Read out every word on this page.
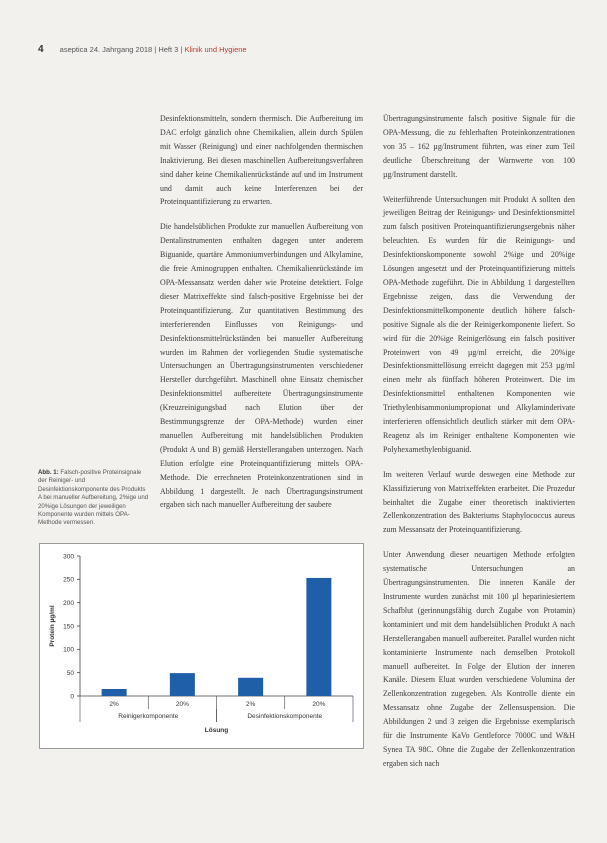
4 aseptica 24. Jahrgang 2018 | Heft 3 | Klinik und Hygiene

Desinfektionsmitteln, sondern thermisch. Die Aufbereitung im DAC erfolgt gänzlich ohne Chemikalien, allein durch Spülen mit Wasser (Reinigung) und einer nachfolgenden thermischen Inaktivierung. Bei diesen maschinellen Aufbereitungsverfahren sind daher keine Chemikalienrückstände auf und im Instrument und damit auch keine Interferenzen bei der Proteinquantifizierung zu erwarten.

Die handelsüblichen Produkte zur manuellen Aufbereitung von Dentalinstrumenten enthalten dagegen unter anderem Biguanide, quartäre Ammoniumverbindungen und Alkylamine, die freie Aminogruppen enthalten. Chemikalienrückstände im OPA-Messansatz werden daher wie Proteine detektiert. Folge dieser Matrixeffekte sind falsch-positive Ergebnisse bei der Proteinquantifizierung. Zur quantitativen Bestimmung des interferierenden Einflusses von Reinigungs- und Desinfektionsmittelrückständen bei manueller Aufbereitung wurden im Rahmen der vorliegenden Studie systematische Untersuchungen an Übertragungsinstrumenten verschiedener Hersteller durchgeführt. Maschinell ohne Einsatz chemischer Desinfektionsmittel aufbereitete Übertragungsinstrumente (Kreuzreinigungsbad nach Elution über der Bestimmungsgrenze der OPA-Methode) wurden einer manuellen Aufbereitung mit handelsüblichen Produkten (Produkt A und B) gemäß Herstellerangaben unterzogen. Nach Elution erfolgte eine Proteinquantifizierung mittels OPA-Methode. Die errechneten Proteinkonzentrationen sind in Abbildung 1 dargestellt. Je nach Übertragungsinstrument ergaben sich nach manueller Aufbereitung der saubere

Übertragungsinstrumente falsch positive Signale für die OPA-Messung, die zu fehlerhaften Proteinkonzentrationen von 35 – 162 µg/Instrument führten, was einer zum Teil deutliche Überschreitung der Warnwerte von 100 µg/Instrument darstellt.

Weiterführende Untersuchungen mit Produkt A sollten den jeweiligen Beitrag der Reinigungs- und Desinfektionsmittel zum falsch positiven Proteinquantifizierungsergebnis näher beleuchten. Es wurden für die Reinigungs- und Desinfektionskomponente sowohl 2%ige und 20%ige Lösungen angesetzt und der Proteinquantifizierung mittels OPA-Methode zugeführt. Die in Abbildung 1 dargestellten Ergebnisse zeigen, dass die Verwendung der Desinfektionsmittelkomponente deutlich höhere falsch-positive Signale als die der Reinigerkomponente liefert. So wird für die 20%ige Reinigerlösung ein falsch positiver Proteinwert von 49 µg/ml erreicht, die 20%ige Desinfektionsmittellösung erreicht dagegen mit 253 µg/ml einen mehr als fünffach höheren Proteinwert. Die im Desinfektionsmittel enthaltenen Komponenten wie Triethylenbisammoniumpropionat und Alkylaminderivate interferieren offensichtlich deutlich stärker mit dem OPA-Reagenz als im Reiniger enthaltene Komponenten wie Polyhexamethylenbiguanid.

Im weiteren Verlauf wurde deswegen eine Methode zur Klassifizierung von Matrixeffekten erarbeitet. Die Prozedur beinhaltet die Zugabe einer theoretisch inaktivierten Zellenkonzentration des Bakteriums Staphylococcus aureus zum Messansatz der Proteinquantifizierung.

Unter Anwendung dieser neuartigen Methode erfolgten systematische Untersuchungen an Übertragungsinstrumenten. Die inneren Kanäle der Instrumente wurden zunächst mit 100 µl hepariniesiertem Schafblut (gerinnungsfähig durch Zugabe von Protamin) kontaminiert und mit dem handelsüblichen Produkt A nach Herstellerangaben manuell aufbereitet. Parallel wurden nicht kontaminierte Instrumente nach demselben Protokoll manuell aufbereitet. In Folge der Elution der inneren Kanäle. Diesem Eluat wurden verschiedene Volumina der Zellenkonzentration zugegeben. Als Kontrolle diente ein Messansatz ohne Zugabe der Zellensuspension. Die Abbildungen 2 und 3 zeigen die Ergebnisse exemplarisch für die Instrumente KaVo Gentleforce 7000C und W&H Synea TA 98C. Ohne die Zugabe der Zellenkonzentration ergaben sich nach

Abb. 1: Falsch-positive Proteinsignale der Reiniger- und Desinfektionskomponente des Produkts A bei manueller Aufbereitung, 2%ige und 20%ige Lösungen der jeweiligen Komponente wurden mittels OPA-Methode vermessen.
0
50
100
150
200
250
300
Protein µg/ml
2%	20%	2%	20%
Reinigerkomponente	Desinfektionskomponente
Lösung
